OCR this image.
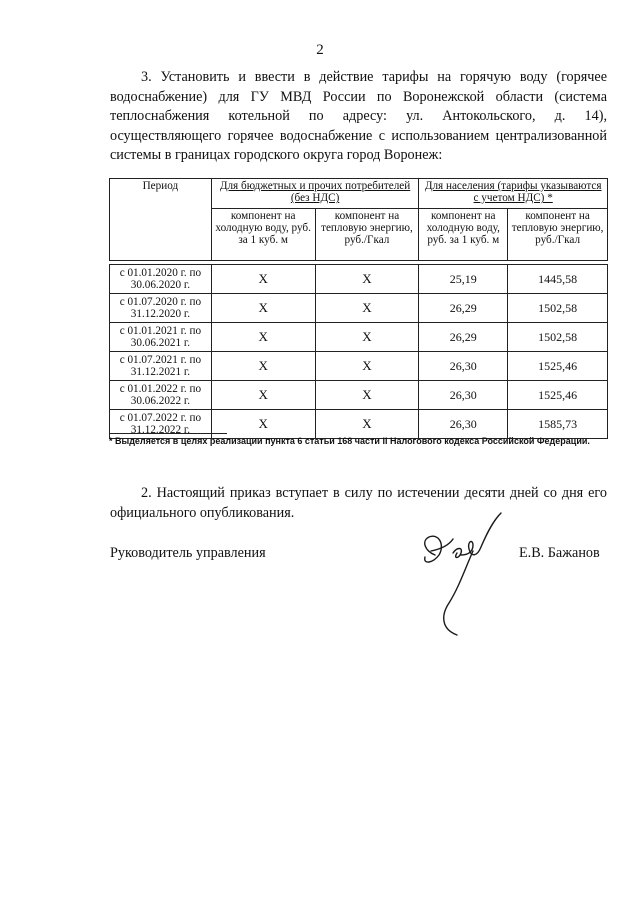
2
3. Установить и ввести в действие тарифы на горячую воду (горячее
водоснабжение) для ГУ МВД России по Воронежской области (система
теплоснабжения котельной по адресу: ул. Антокольского, д. 14),
осуществляющего горячее водоснабжение с использованием централизованной
системы в границах городского округа город Воронеж:
Период	Для бюджетных и прочих потребителей (без НДС)		Для населения (тарифы указываются с учетом НДС) *	
	компонент на холодную воду, руб. за 1 куб. м	компонент на тепловую энергию, руб./Гкал	компонент на холодную воду, руб. за 1 куб. м	компонент на тепловую энергию, руб./Гкал

с 01.01.2020 г. по 30.06.2020 г.	X	X	25,19	1445,58
с 01.07.2020 г. по 31.12.2020 г.	X	X	26,29	1502,58
с 01.01.2021 г. по 30.06.2021 г.	X	X	26,29	1502,58
с 01.07.2021 г. по 31.12.2021 г.	X	X	26,30	1525,46
с 01.01.2022 г. по 30.06.2022 г.	X	X	26,30	1525,46
с 01.07.2022 г. по 31.12.2022 г.	X	X	26,30	1585,73
* Выделяется в целях реализации пункта 6 статьи 168 части II Налогового кодекса Российской Федерации.
2. Настоящий приказ вступает в силу по истечении десяти дней со дня его
официального опубликования.
Руководитель управления	Е.В. Бажанов
